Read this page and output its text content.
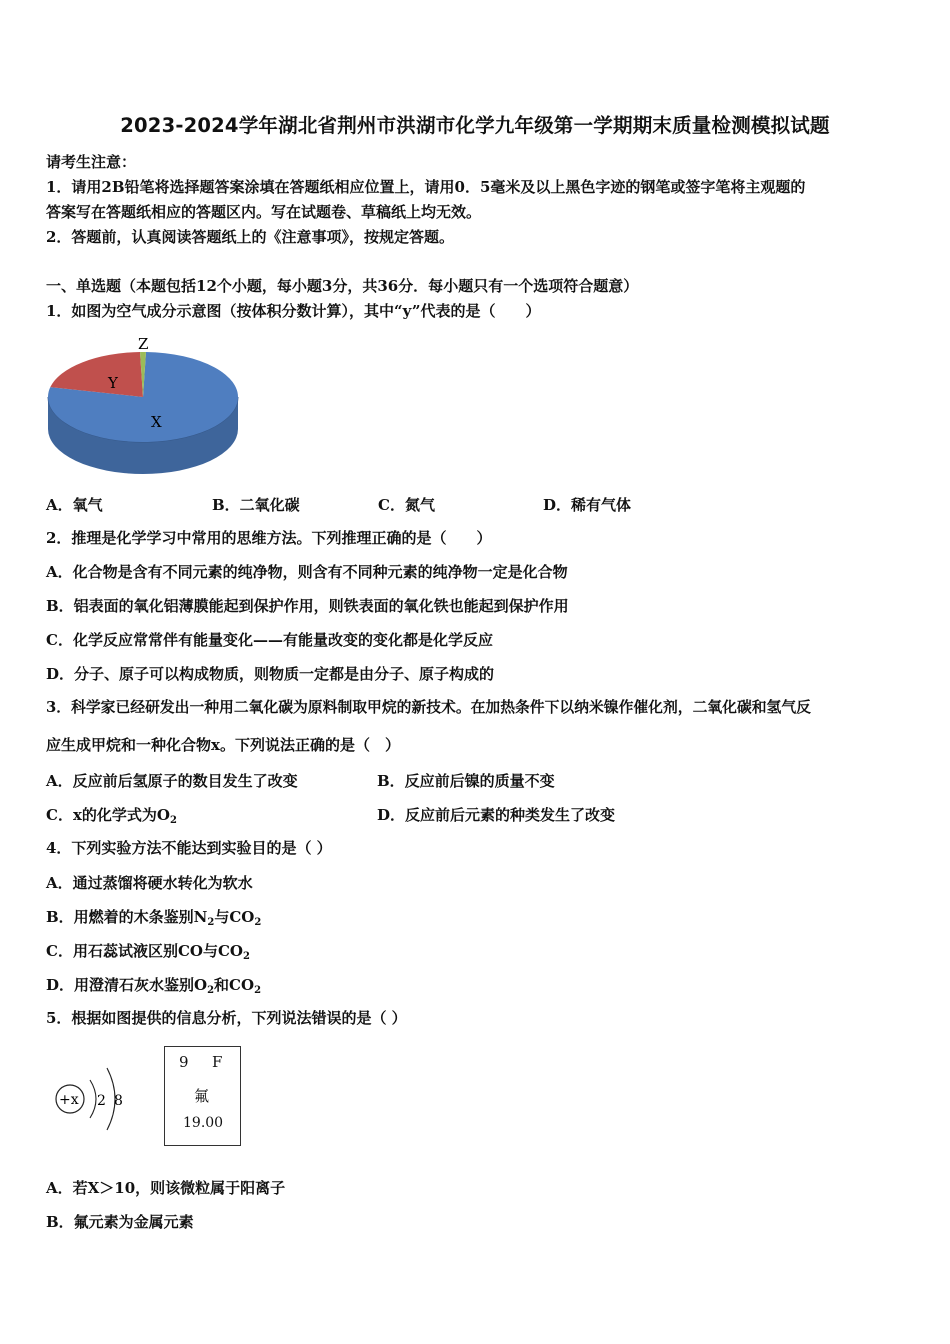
2023-2024学年湖北省荆州市洪湖市化学九年级第一学期期末质量检测模拟试题
请考生注意：
1．请用2B铅笔将选择题答案涂填在答题纸相应位置上，请用0．5毫米及以上黑色字迹的钢笔或签字笔将主观题的
答案写在答题纸相应的答题区内。写在试题卷、草稿纸上均无效。
2．答题前，认真阅读答题纸上的《注意事项》，按规定答题。
一、单选题（本题包括12个小题，每小题3分，共36分．每小题只有一个选项符合题意）
1．如图为空气成分示意图（按体积分数计算），其中“y”代表的是（　　）
Z
Y
X
A．氧气	B．二氧化碳	C．氮气	D．稀有气体
2．推理是化学学习中常用的思维方法。下列推理正确的是（　　）
A．化合物是含有不同元素的纯净物，则含有不同种元素的纯净物一定是化合物
B．铝表面的氧化铝薄膜能起到保护作用，则铁表面的氧化铁也能起到保护作用
C．化学反应常常伴有能量变化——有能量改变的变化都是化学反应
D．分子、原子可以构成物质，则物质一定都是由分子、原子构成的
3．科学家已经研发出一种用二氧化碳为原料制取甲烷的新技术。在加热条件下以纳米镍作催化剂，二氧化碳和氢气反
应生成甲烷和一种化合物x。下列说法正确的是（　）
A．反应前后氢原子的数目发生了改变	B．反应前后镍的质量不变
C．x的化学式为$O_2$	D．反应前后元素的种类发生了改变
4．下列实验方法不能达到实验目的是（ ）
A．通过蒸馏将硬水转化为软水
B．用燃着的木条鉴别$N_2$与$CO_2$
C．用石蕊试液区别CO与$CO_2$
D．用澄清石灰水鉴别$O_2$和$CO_2$
5．根据如图提供的信息分析，下列说法错误的是（ ）
+x 2 8
9 F
氟
19.00
A．若X＞10，则该微粒属于阳离子
B．氟元素为金属元素
